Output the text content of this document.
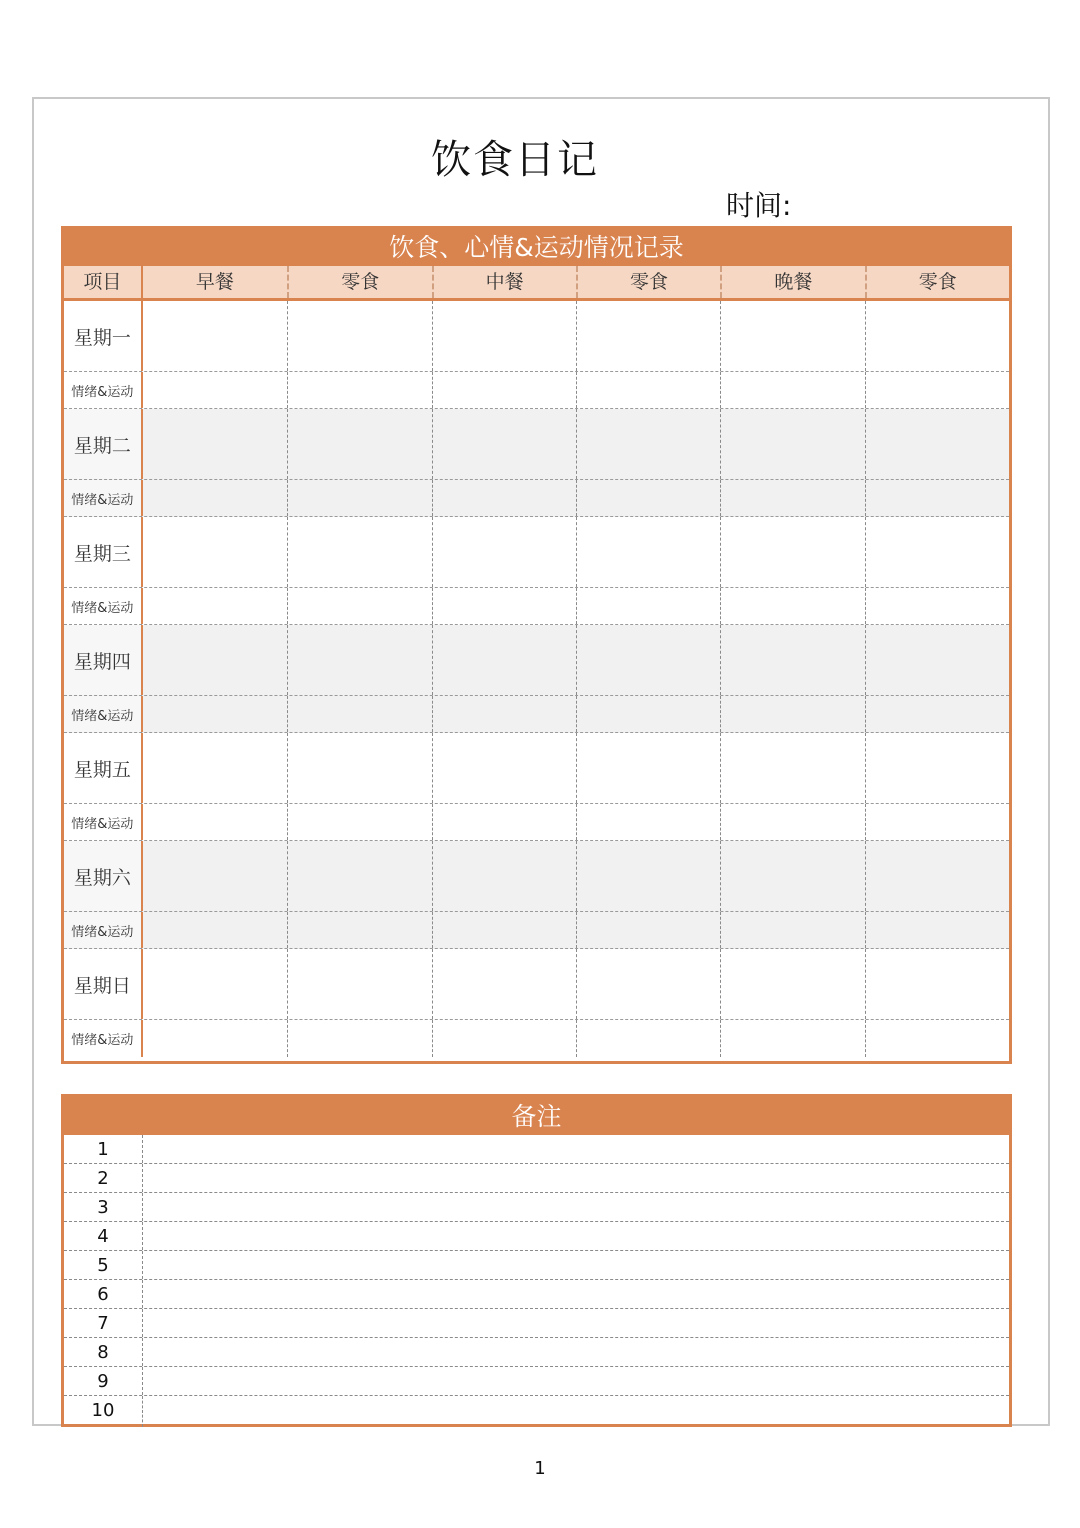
饮食日记
时间:
饮食、心情&运动情况记录
项目	早餐	零食	中餐	零食	晚餐	零食
星期一
情绪&运动
星期二
情绪&运动
星期三
情绪&运动
星期四
情绪&运动
星期五
情绪&运动
星期六
情绪&运动
星期日
情绪&运动
备注
1
2
3
4
5
6
7
8
9
10
1
